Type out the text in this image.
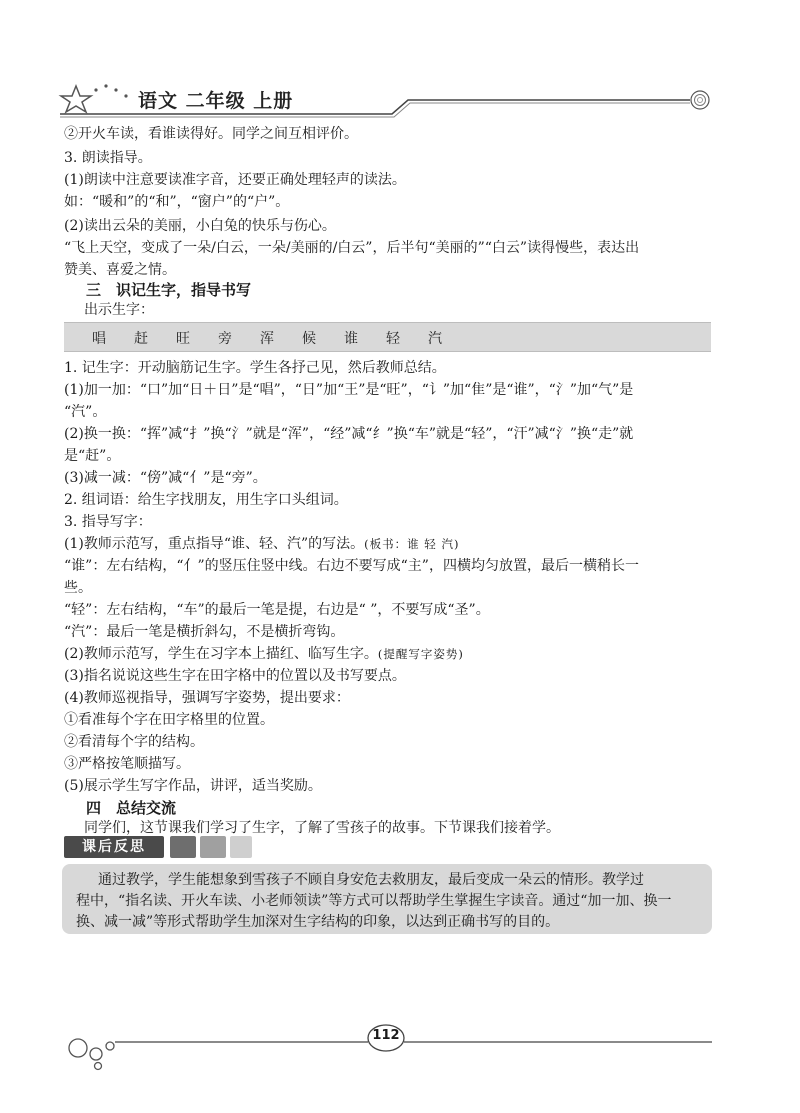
语文 二年级 上册
②开火车读，看谁读得好。同学之间互相评价。
3. 朗读指导。
(1)朗读中注意要读准字音，还要正确处理轻声的读法。
如：“暖和”的“和”，“窗户”的“户”。
(2)读出云朵的美丽，小白兔的快乐与伤心。
“飞上天空，变成了一朵/白云，一朵/美丽的/白云”，后半句“美丽的”“白云”读得慢些，表达出
赞美、喜爱之情。
三　识记生字，指导书写
出示生字：
唱 赶 旺 旁 浑 候 谁 轻 汽
1. 记生字：开动脑筋记生字。学生各抒己见，然后教师总结。
(1)加一加：“口”加“日＋日”是“唱”，“日”加“王”是“旺”，“讠”加“隹”是“谁”，“氵”加“气”是
“汽”。
(2)换一换：“挥”减“扌”换“氵”就是“浑”，“经”减“纟”换“车”就是“轻”，“汗”减“氵”换“走”就
是“赶”。
(3)减一减：“傍”减“亻”是“旁”。
2. 组词语：给生字找朋友，用生字口头组词。
3. 指导写字：
(1)教师示范写，重点指导“谁、轻、汽”的写法。(板书：谁 轻 汽)
“谁”：左右结构，“亻”的竖压住竖中线。右边不要写成“主”，四横均匀放置，最后一横稍长一
些。
“轻”：左右结构，“车”的最后一笔是提，右边是“ ”，不要写成“圣”。
“汽”：最后一笔是横折斜勾，不是横折弯钩。
(2)教师示范写，学生在习字本上描红、临写生字。(提醒写字姿势)
(3)指名说说这些生字在田字格中的位置以及书写要点。
(4)教师巡视指导，强调写字姿势，提出要求：
①看准每个字在田字格里的位置。
②看清每个字的结构。
③严格按笔顺描写。
(5)展示学生写字作品，讲评，适当奖励。
四　总结交流
同学们，这节课我们学习了生字，了解了雪孩子的故事。下节课我们接着学。
课后反思
通过教学，学生能想象到雪孩子不顾自身安危去救朋友，最后变成一朵云的情形。教学过
程中，“指名读、开火车读、小老师领读”等方式可以帮助学生掌握生字读音。通过“加一加、换一
换、减一减”等形式帮助学生加深对生字结构的印象，以达到正确书写的目的。
112
